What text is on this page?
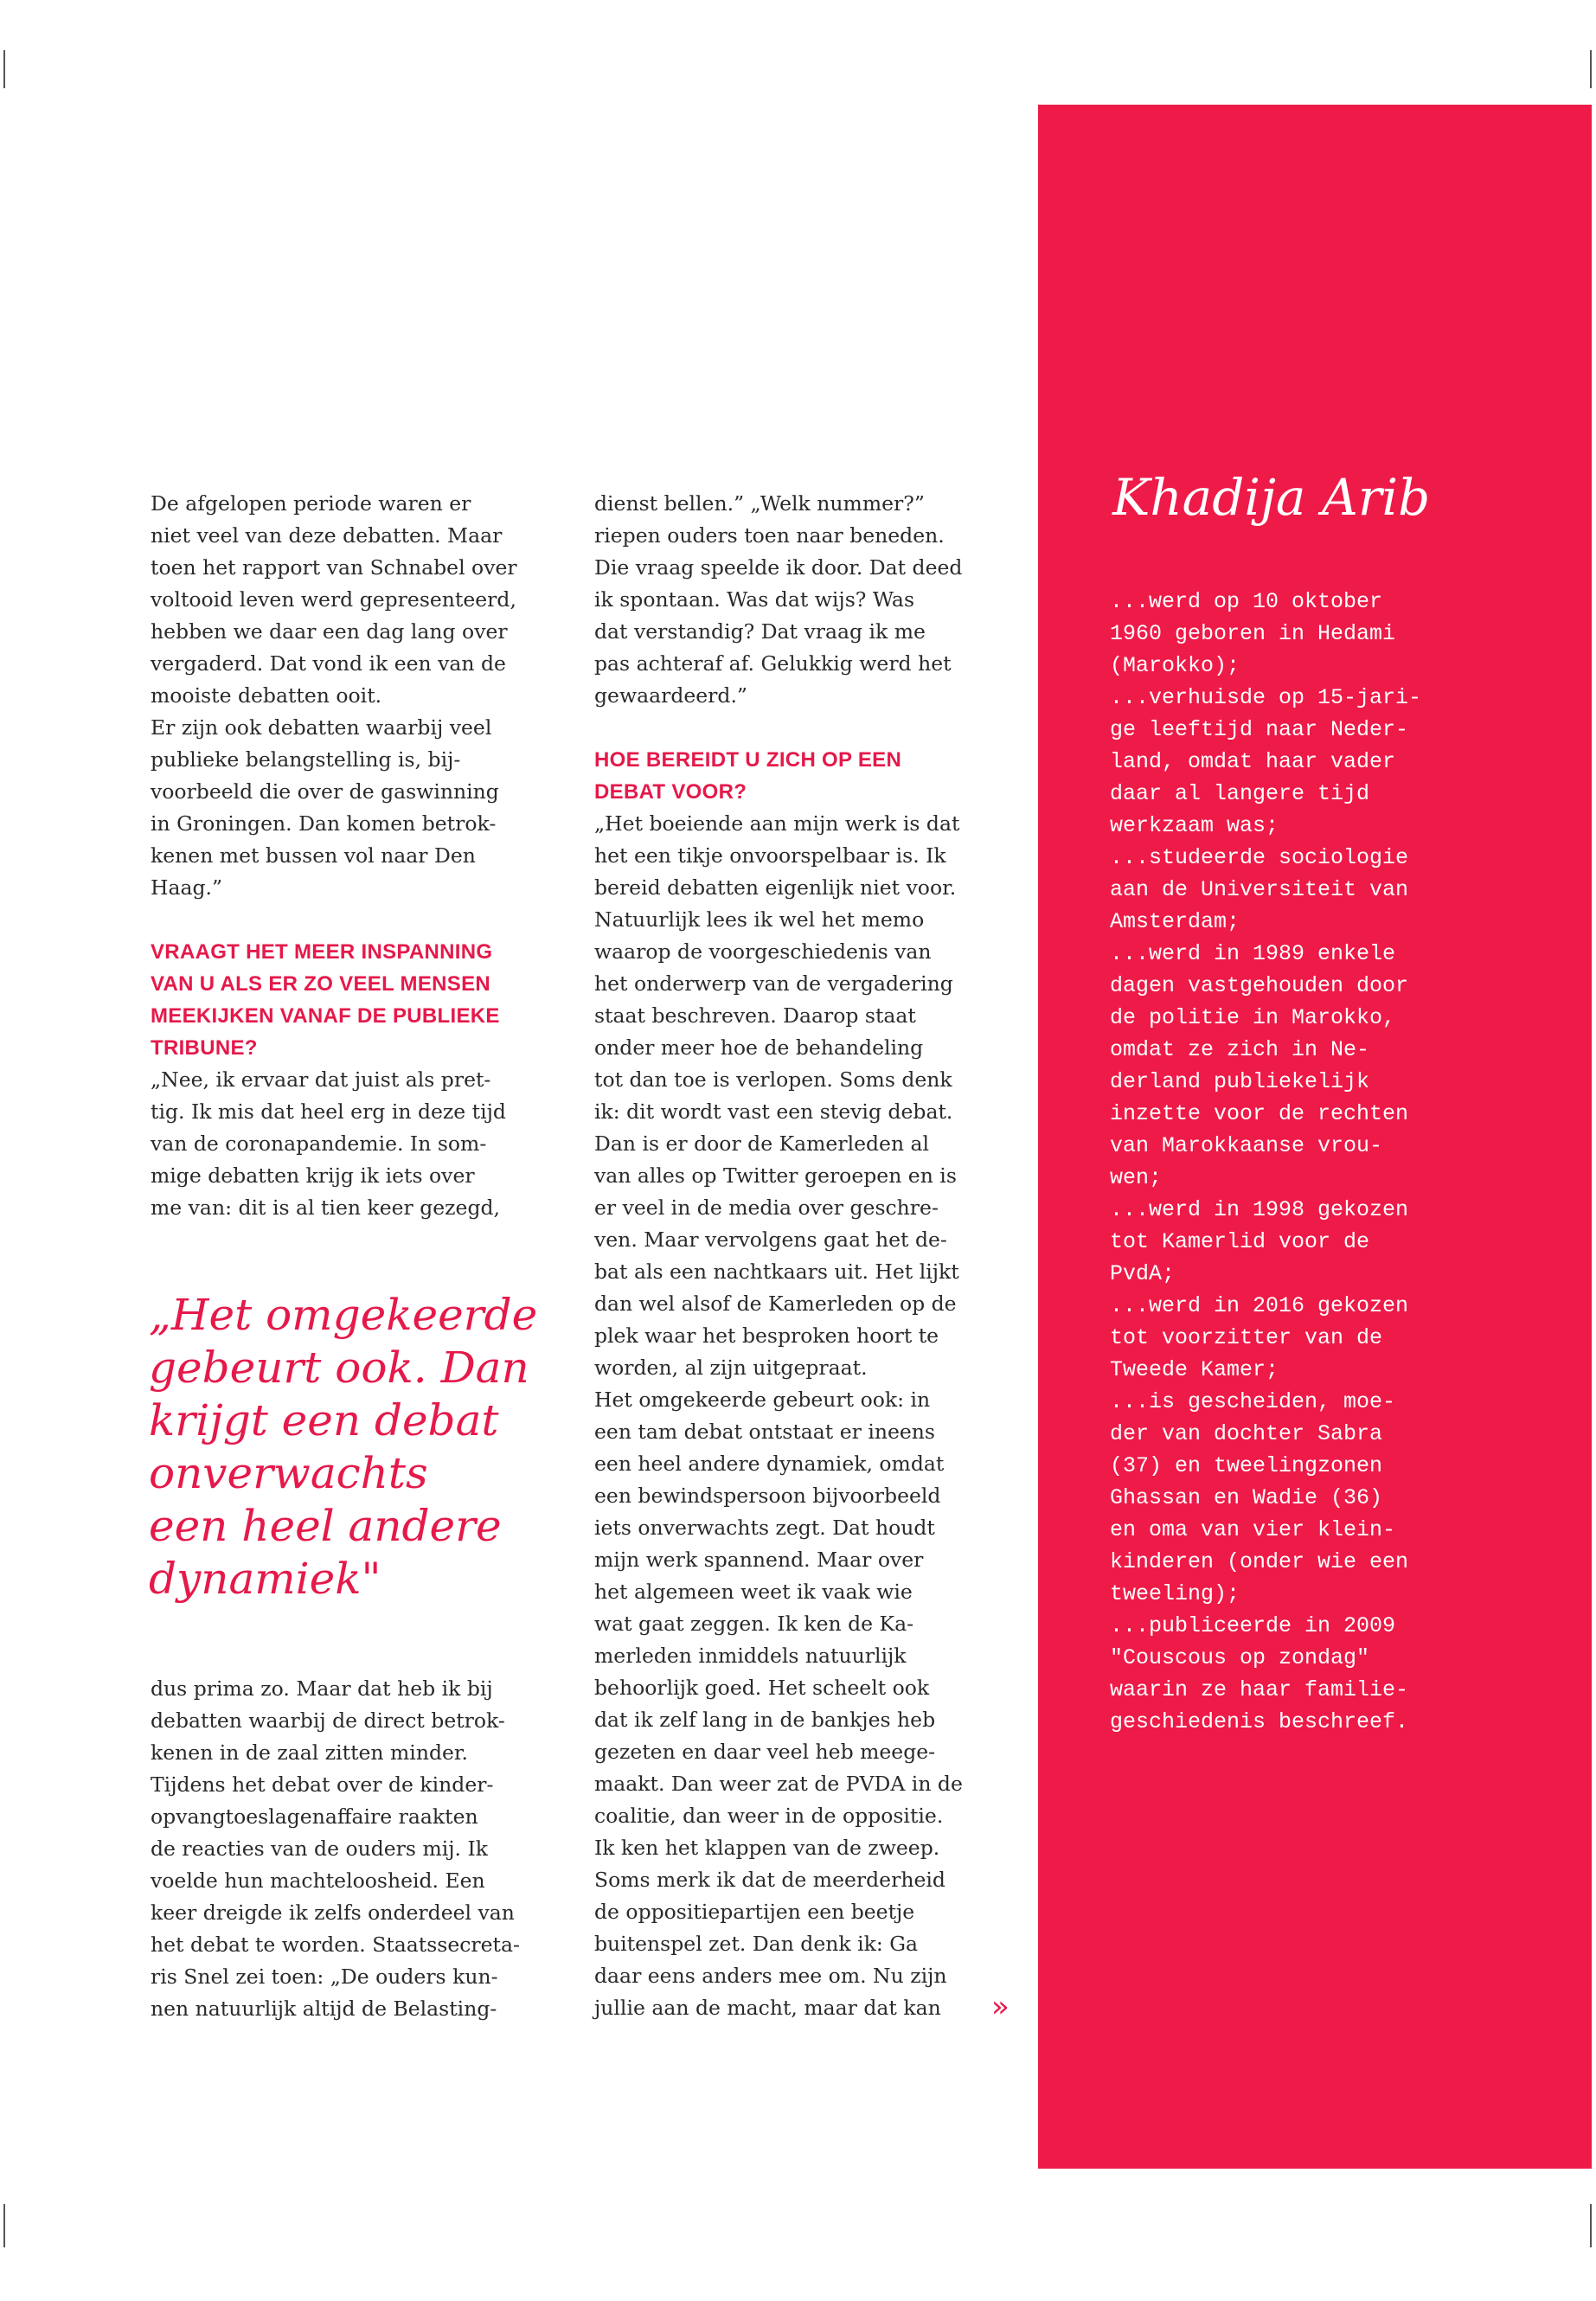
De afgelopen periode waren er
niet veel van deze debatten. Maar
toen het rapport van Schnabel over
voltooid leven werd gepresenteerd,
hebben we daar een dag lang over
vergaderd. Dat vond ik een van de
mooiste debatten ooit.
Er zijn ook debatten waarbij veel
publieke belangstelling is, bij-
voorbeeld die over de gaswinning
in Groningen. Dan komen betrok-
kenen met bussen vol naar Den
Haag.”
VRAAGT HET MEER INSPANNING
VAN U ALS ER ZO VEEL MENSEN
MEEKIJKEN VANAF DE PUBLIEKE
TRIBUNE?
„Nee, ik ervaar dat juist als pret-
tig. Ik mis dat heel erg in deze tijd
van de coronapandemie. In som-
mige debatten krijg ik iets over
me van: dit is al tien keer gezegd,
„Het omgekeerde
gebeurt ook. Dan
krijgt een debat
onverwachts
een heel andere
dynamiek"
dus prima zo. Maar dat heb ik bij
debatten waarbij de direct betrok-
kenen in de zaal zitten minder.
Tijdens het debat over de kinder-
opvangtoeslagenaffaire raakten
de reacties van de ouders mij. Ik
voelde hun machteloosheid. Een
keer dreigde ik zelfs onderdeel van
het debat te worden. Staatssecreta-
ris Snel zei toen: „De ouders kun-
nen natuurlijk altijd de Belasting-
dienst bellen.” „Welk nummer?”
riepen ouders toen naar beneden.
Die vraag speelde ik door. Dat deed
ik spontaan. Was dat wijs? Was
dat verstandig? Dat vraag ik me
pas achteraf af. Gelukkig werd het
gewaardeerd.”
HOE BEREIDT U ZICH OP EEN
DEBAT VOOR?
„Het boeiende aan mijn werk is dat
het een tikje onvoorspelbaar is. Ik
bereid debatten eigenlijk niet voor.
Natuurlijk lees ik wel het memo
waarop de voorgeschiedenis van
het onderwerp van de vergadering
staat beschreven. Daarop staat
onder meer hoe de behandeling
tot dan toe is verlopen. Soms denk
ik: dit wordt vast een stevig debat.
Dan is er door de Kamerleden al
van alles op Twitter geroepen en is
er veel in de media over geschre-
ven. Maar vervolgens gaat het de-
bat als een nachtkaars uit. Het lijkt
dan wel alsof de Kamerleden op de
plek waar het besproken hoort te
worden, al zijn uitgepraat.
Het omgekeerde gebeurt ook: in
een tam debat ontstaat er ineens
een heel andere dynamiek, omdat
een bewindspersoon bijvoorbeeld
iets onverwachts zegt. Dat houdt
mijn werk spannend. Maar over
het algemeen weet ik vaak wie
wat gaat zeggen. Ik ken de Ka-
merleden inmiddels natuurlijk
behoorlijk goed. Het scheelt ook
dat ik zelf lang in de bankjes heb
gezeten en daar veel heb meege-
maakt. Dan weer zat de PVDA in de
coalitie, dan weer in de oppositie.
Ik ken het klappen van de zweep.
Soms merk ik dat de meerderheid
de oppositiepartijen een beetje
buitenspel zet. Dan denk ik: Ga
daar eens anders mee om. Nu zijn
jullie aan de macht, maar dat kan	»
Khadija Arib
...werd op 10 oktober
1960 geboren in Hedami
(Marokko);
...verhuisde op 15-jari-
ge leeftijd naar Neder-
land, omdat haar vader
daar al langere tijd
werkzaam was;
...studeerde sociologie
aan de Universiteit van
Amsterdam;
...werd in 1989 enkele
dagen vastgehouden door
de politie in Marokko,
omdat ze zich in Ne-
derland publiekelijk
inzette voor de rechten
van Marokkaanse vrou-
wen;
...werd in 1998 gekozen
tot Kamerlid voor de
PvdA;
...werd in 2016 gekozen
tot voorzitter van de
Tweede Kamer;
...is gescheiden, moe-
der van dochter Sabra
(37) en tweelingzonen
Ghassan en Wadie (36)
en oma van vier klein-
kinderen (onder wie een
tweeling);
...publiceerde in 2009
"Couscous op zondag"
waarin ze haar familie-
geschiedenis beschreef.
